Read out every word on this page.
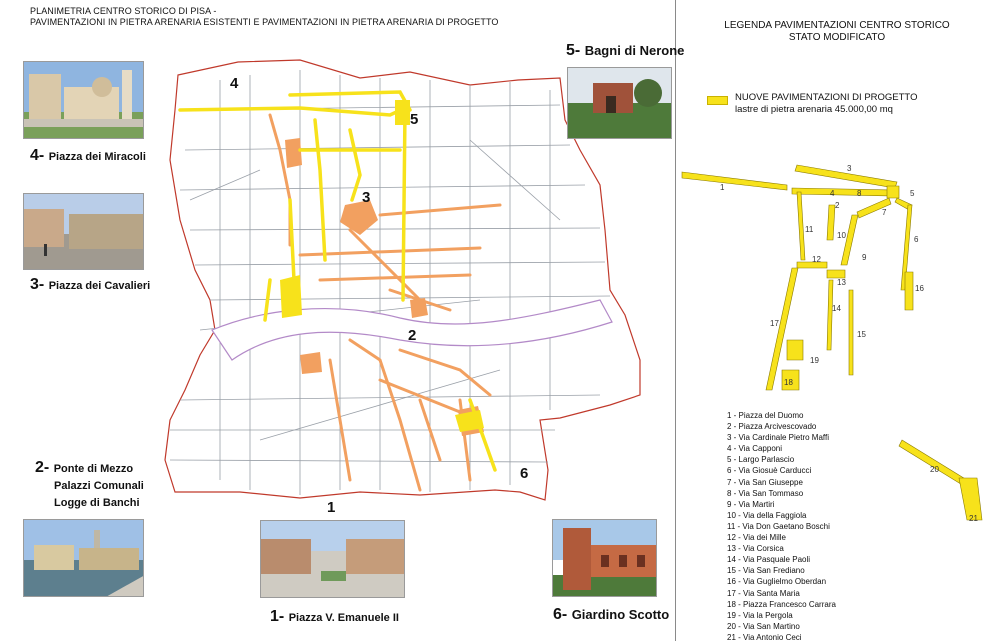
PLANIMETRIA CENTRO STORICO DI PISA -
PAVIMENTAZIONI IN PIETRA ARENARIA ESISTENTI E PAVIMENTAZIONI IN PIETRA ARENARIA DI PROGETTO
4
5
3
2
1
6
4- Piazza dei Miracoli
3- Piazza dei Cavalieri
2- Ponte di Mezzo
Palazzi Comunali
Logge di Banchi
1- Piazza V. Emanuele II
5- Bagni di Nerone
6- Giardino Scotto
LEGENDA PAVIMENTAZIONI CENTRO STORICO
STATO MODIFICATO
NUOVE PAVIMENTAZIONI DI PROGETTO
lastre di pietra arenaria 45.000,00 mq
1 - Piazza del Duomo
2 - Piazza Arcivescovado
3 - Via Cardinale Pietro Maffi
4 - Via Capponi
5 - Largo Parlascio
6 - Via Giosuè Carducci
7 - Via San Giuseppe
8 - Via San Tommaso
9 - Via Martiri
10 - Via della Faggiola
11 - Via Don Gaetano Boschi
12 - Via dei Mille
13 - Via Corsica
14 - Via Pasquale Paoli
15 - Via San Frediano
16 - Via Guglielmo Oberdan
17 - Via Santa Maria
18 - Piazza Francesco Carrara
19 - Via la Pergola
20 - Via San Martino
21 - Via Antonio Ceci
1
2
3
4	5
6
7
8
9
10
11
12
13
14
15
16
17
18
19
20
21
